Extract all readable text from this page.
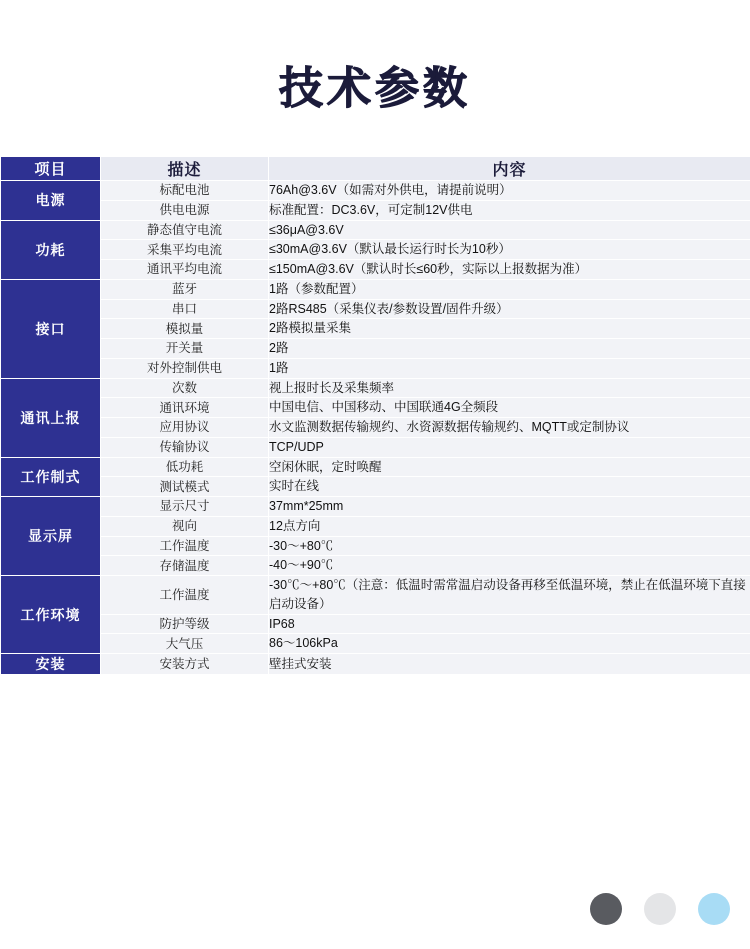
技术参数
项目	描述	内容
电源	标配电池	76Ah@3.6V（如需对外供电，请提前说明）
	供电电源	标准配置：DC3.6V，可定制12V供电
功耗	静态值守电流	≤36μA@3.6V
	采集平均电流	≤30mA@3.6V（默认最长运行时长为10秒）
	通讯平均电流	≤150mA@3.6V（默认时长≤60秒，实际以上报数据为准）
接口	蓝牙	1路（参数配置）
	串口	2路RS485（采集仪表/参数设置/固件升级）
	模拟量	2路模拟量采集
	开关量	2路
	对外控制供电	1路
通讯上报	次数	视上报时长及采集频率
	通讯环境	中国电信、中国移动、中国联通4G全频段
	应用协议	水文监测数据传输规约、水资源数据传输规约、MQTT或定制协议
	传输协议	TCP/UDP
工作制式	低功耗	空闲休眠，定时唤醒
	测试模式	实时在线
显示屏	显示尺寸	37mm*25mm
	视向	12点方向
	工作温度	-30～+80℃
	存储温度	-40～+90℃
工作环境	工作温度	-30℃～+80℃（注意：低温时需常温启动设备再移至低温环境，禁止在低温环境下直接启动设备）
	防护等级	IP68
	大气压	86～106kPa
安装	安装方式	壁挂式安装
